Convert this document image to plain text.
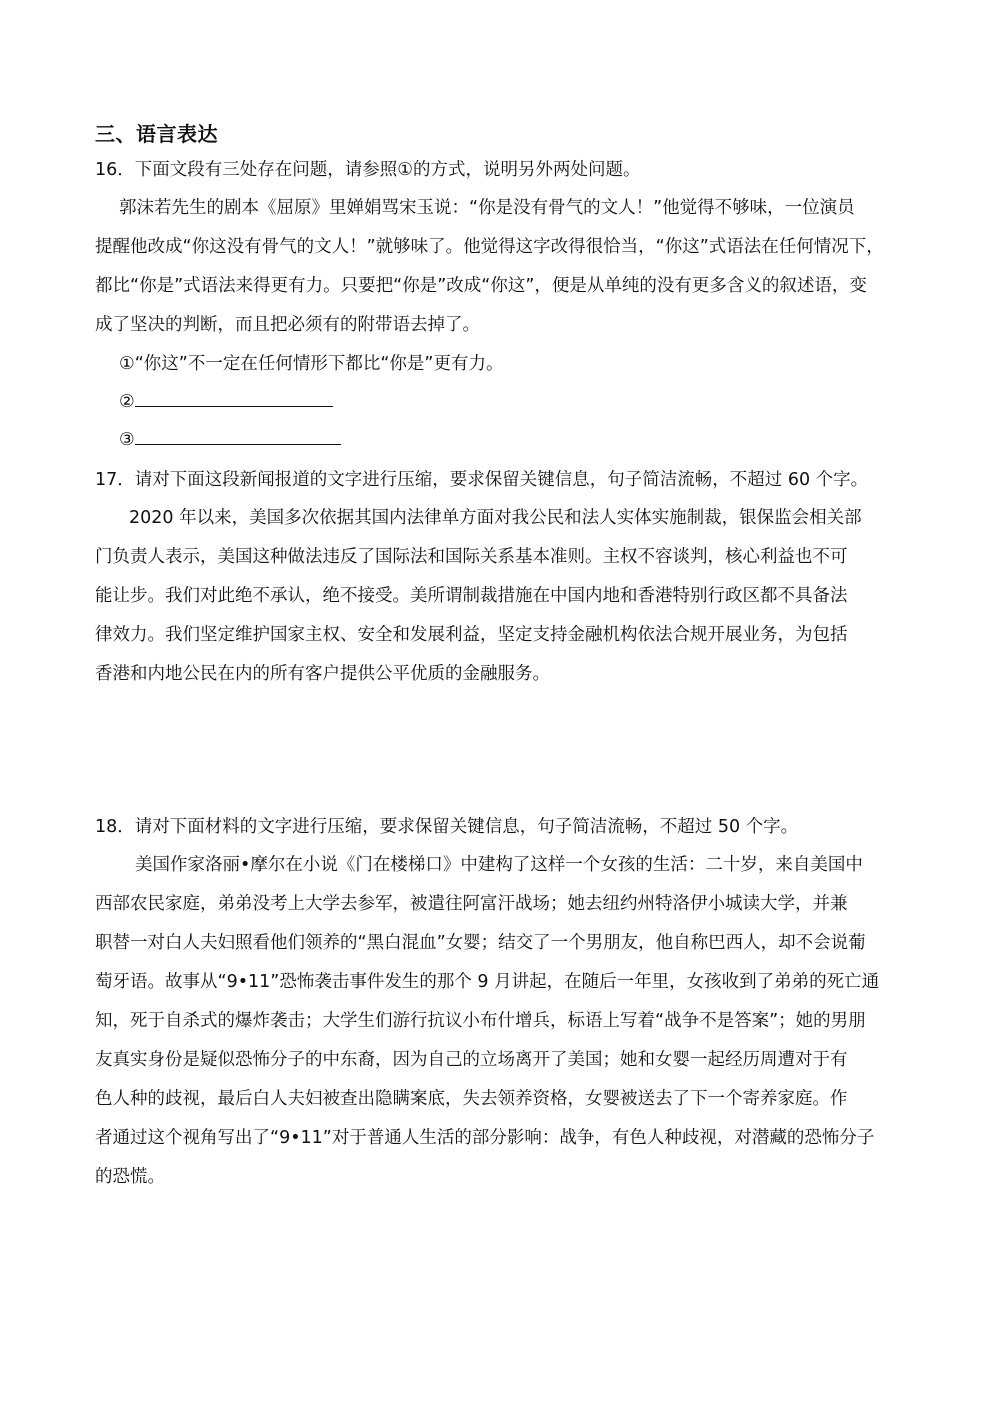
三、语言表达
16．下面文段有三处存在问题，请参照①的方式，说明另外两处问题。
郭沫若先生的剧本《屈原》里婵娟骂宋玉说：“你是没有骨气的文人！”他觉得不够味，一位演员
提醒他改成“你这没有骨气的文人！”就够味了。他觉得这字改得很恰当，“你这”式语法在任何情况下，
都比“你是”式语法来得更有力。只要把“你是”改成“你这”，便是从单纯的没有更多含义的叙述语，变
成了坚决的判断，而且把必须有的附带语去掉了。
①“你这”不一定在任何情形下都比“你是”更有力。
②
③
17．请对下面这段新闻报道的文字进行压缩，要求保留关键信息，句子简洁流畅，不超过 60 个字。
2020 年以来，美国多次依据其国内法律单方面对我公民和法人实体实施制裁，银保监会相关部
门负责人表示，美国这种做法违反了国际法和国际关系基本准则。主权不容谈判，核心利益也不可
能让步。我们对此绝不承认，绝不接受。美所谓制裁措施在中国内地和香港特别行政区都不具备法
律效力。我们坚定维护国家主权、安全和发展利益，坚定支持金融机构依法合规开展业务，为包括
香港和内地公民在内的所有客户提供公平优质的金融服务。
18．请对下面材料的文字进行压缩，要求保留关键信息，句子简洁流畅，不超过 50 个字。
美国作家洛丽•摩尔在小说《门在楼梯口》中建构了这样一个女孩的生活：二十岁，来自美国中
西部农民家庭，弟弟没考上大学去参军，被遣往阿富汗战场；她去纽约州特洛伊小城读大学，并兼
职替一对白人夫妇照看他们领养的“黑白混血”女婴；结交了一个男朋友，他自称巴西人，却不会说葡
萄牙语。故事从“9•11”恐怖袭击事件发生的那个 9 月讲起，在随后一年里，女孩收到了弟弟的死亡通
知，死于自杀式的爆炸袭击；大学生们游行抗议小布什增兵，标语上写着“战争不是答案”；她的男朋
友真实身份是疑似恐怖分子的中东裔，因为自己的立场离开了美国；她和女婴一起经历周遭对于有
色人种的歧视，最后白人夫妇被查出隐瞒案底，失去领养资格，女婴被送去了下一个寄养家庭。作
者通过这个视角写出了“9•11”对于普通人生活的部分影响：战争，有色人种歧视，对潜藏的恐怖分子
的恐慌。
